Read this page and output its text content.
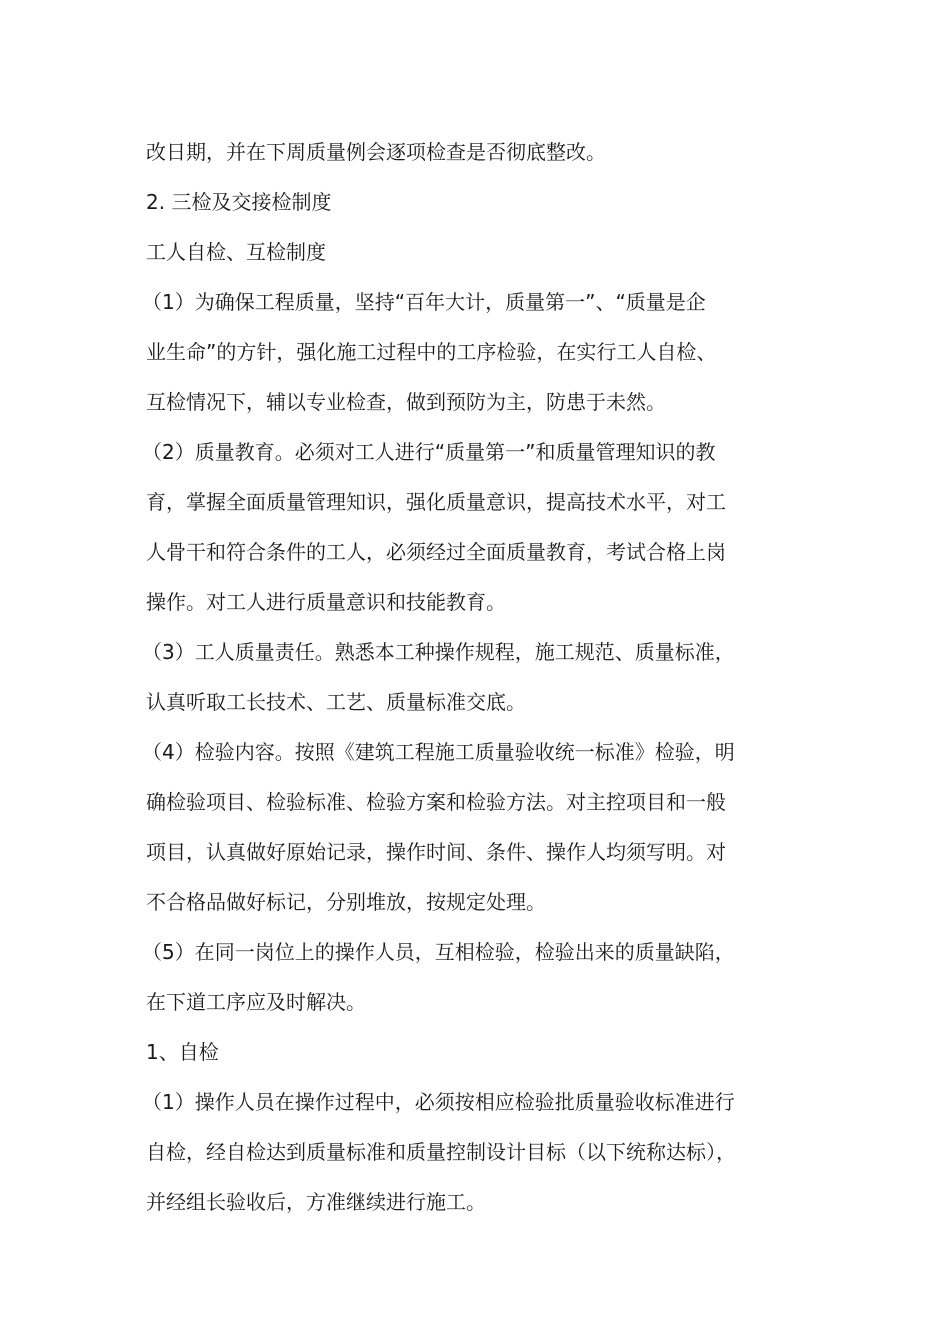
改日期，并在下周质量例会逐项检查是否彻底整改。

2. 三检及交接检制度

工人自检、互检制度

（1）为确保工程质量，坚持“百年大计，质量第一”、“质量是企

业生命”的方针，强化施工过程中的工序检验，在实行工人自检、

互检情况下，辅以专业检查，做到预防为主，防患于未然。

（2）质量教育。必须对工人进行“质量第一”和质量管理知识的教

育，掌握全面质量管理知识，强化质量意识，提高技术水平，对工

人骨干和符合条件的工人，必须经过全面质量教育，考试合格上岗

操作。对工人进行质量意识和技能教育。

（3）工人质量责任。熟悉本工种操作规程，施工规范、质量标准，

认真听取工长技术、工艺、质量标准交底。

（4）检验内容。按照《建筑工程施工质量验收统一标准》检验，明

确检验项目、检验标准、检验方案和检验方法。对主控项目和一般

项目，认真做好原始记录，操作时间、条件、操作人均须写明。对

不合格品做好标记，分别堆放，按规定处理。

（5）在同一岗位上的操作人员，互相检验，检验出来的质量缺陷，

在下道工序应及时解决。

1、自检

（1）操作人员在操作过程中，必须按相应检验批质量验收标准进行

自检，经自检达到质量标准和质量控制设计目标（以下统称达标），

并经组长验收后，方准继续进行施工。
